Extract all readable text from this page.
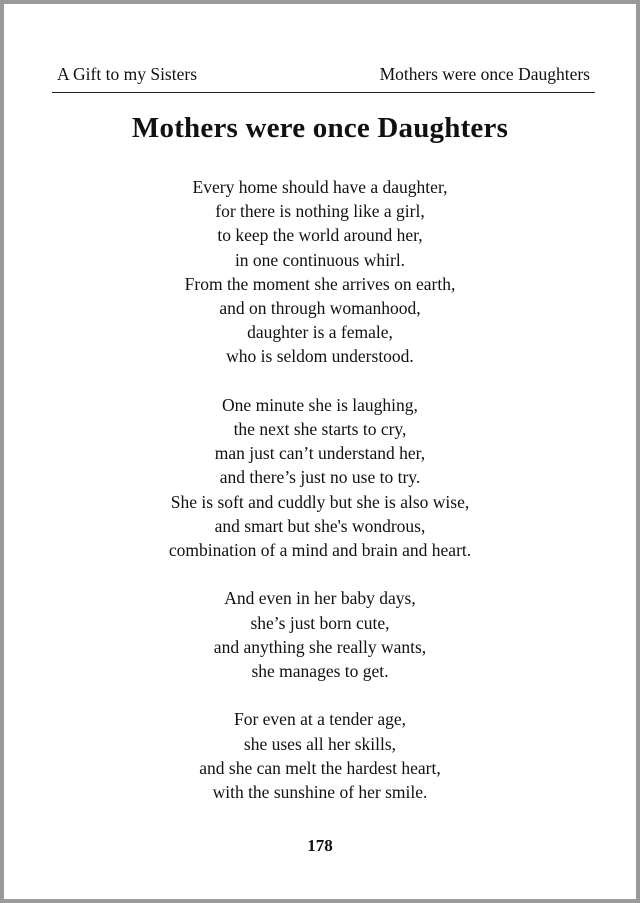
A Gift to my Sisters	Mothers were once Daughters
Mothers were once Daughters
Every home should have a daughter,
for there is nothing like a girl,
to keep the world around her,
in one continuous whirl.
From the moment she arrives on earth,
and on through womanhood,
daughter is a female,
who is seldom understood.
One minute she is laughing,
the next she starts to cry,
man just can’t understand her,
and there’s just no use to try.
She is soft and cuddly but she is also wise,
and smart but she's wondrous,
combination of a mind and brain and heart.
And even in her baby days,
she’s just born cute,
and anything she really wants,
she manages to get.
For even at a tender age,
she uses all her skills,
and she can melt the hardest heart,
with the sunshine of her smile.
178
